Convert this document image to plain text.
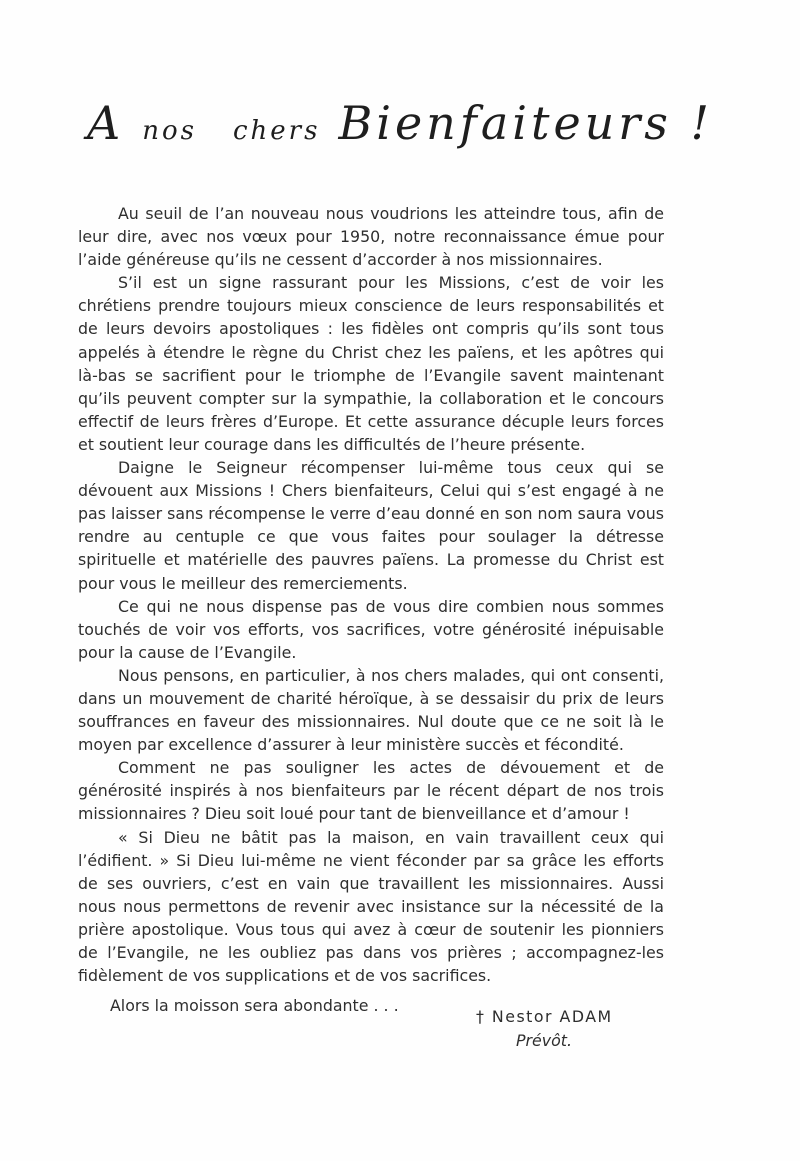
Anos chers Bienfaiteurs !

Au seuil de l’an nouveau nous voudrions les atteindre tous, afin de leur dire, avec nos vœux pour 1950, notre reconnaissance émue pour l’aide généreuse qu’ils ne cessent d’accorder à nos missionnaires.

S’il est un signe rassurant pour les Missions, c’est de voir les chrétiens prendre toujours mieux conscience de leurs responsabilités et de leurs devoirs apostoliques : les fidèles ont compris qu’ils sont tous appelés à étendre le règne du Christ chez les païens, et les apôtres qui là-bas se sacrifient pour le triomphe de l’Evangile savent maintenant qu’ils peuvent compter sur la sympathie, la collaboration et le concours effectif de leurs frères d’Europe. Et cette assurance décuple leurs forces et soutient leur courage dans les difficultés de l’heure présente.

Daigne le Seigneur récompenser lui-même tous ceux qui se dévouent aux Missions ! Chers bienfaiteurs, Celui qui s’est engagé à ne pas laisser sans récompense le verre d’eau donné en son nom saura vous rendre au centuple ce que vous faites pour soulager la détresse spirituelle et matérielle des pauvres païens. La promesse du Christ est pour vous le meilleur des remerciements.

Ce qui ne nous dispense pas de vous dire combien nous sommes touchés de voir vos efforts, vos sacrifices, votre générosité inépuisable pour la cause de l’Evangile.

Nous pensons, en particulier, à nos chers malades, qui ont consenti, dans un mouvement de charité héroïque, à se dessaisir du prix de leurs souffrances en faveur des missionnaires. Nul doute que ce ne soit là le moyen par excellence d’assurer à leur ministère succès et fécondité.

Comment ne pas souligner les actes de dévouement et de générosité inspirés à nos bienfaiteurs par le récent départ de nos trois missionnaires ? Dieu soit loué pour tant de bienveillance et d’amour !

« Si Dieu ne bâtit pas la maison, en vain travaillent ceux qui l’édifient. » Si Dieu lui-même ne vient féconder par sa grâce les efforts de ses ouvriers, c’est en vain que travaillent les missionnaires. Aussi nous nous permettons de revenir avec insistance sur la nécessité de la prière apostolique. Vous tous qui avez à cœur de soutenir les pionniers de l’Evangile, ne les oubliez pas dans vos prières ; accompagnez-les fidèlement de vos supplications et de vos sacrifices.

Alors la moisson sera abondante . . .
† Nestor ADAM
Prévôt.
